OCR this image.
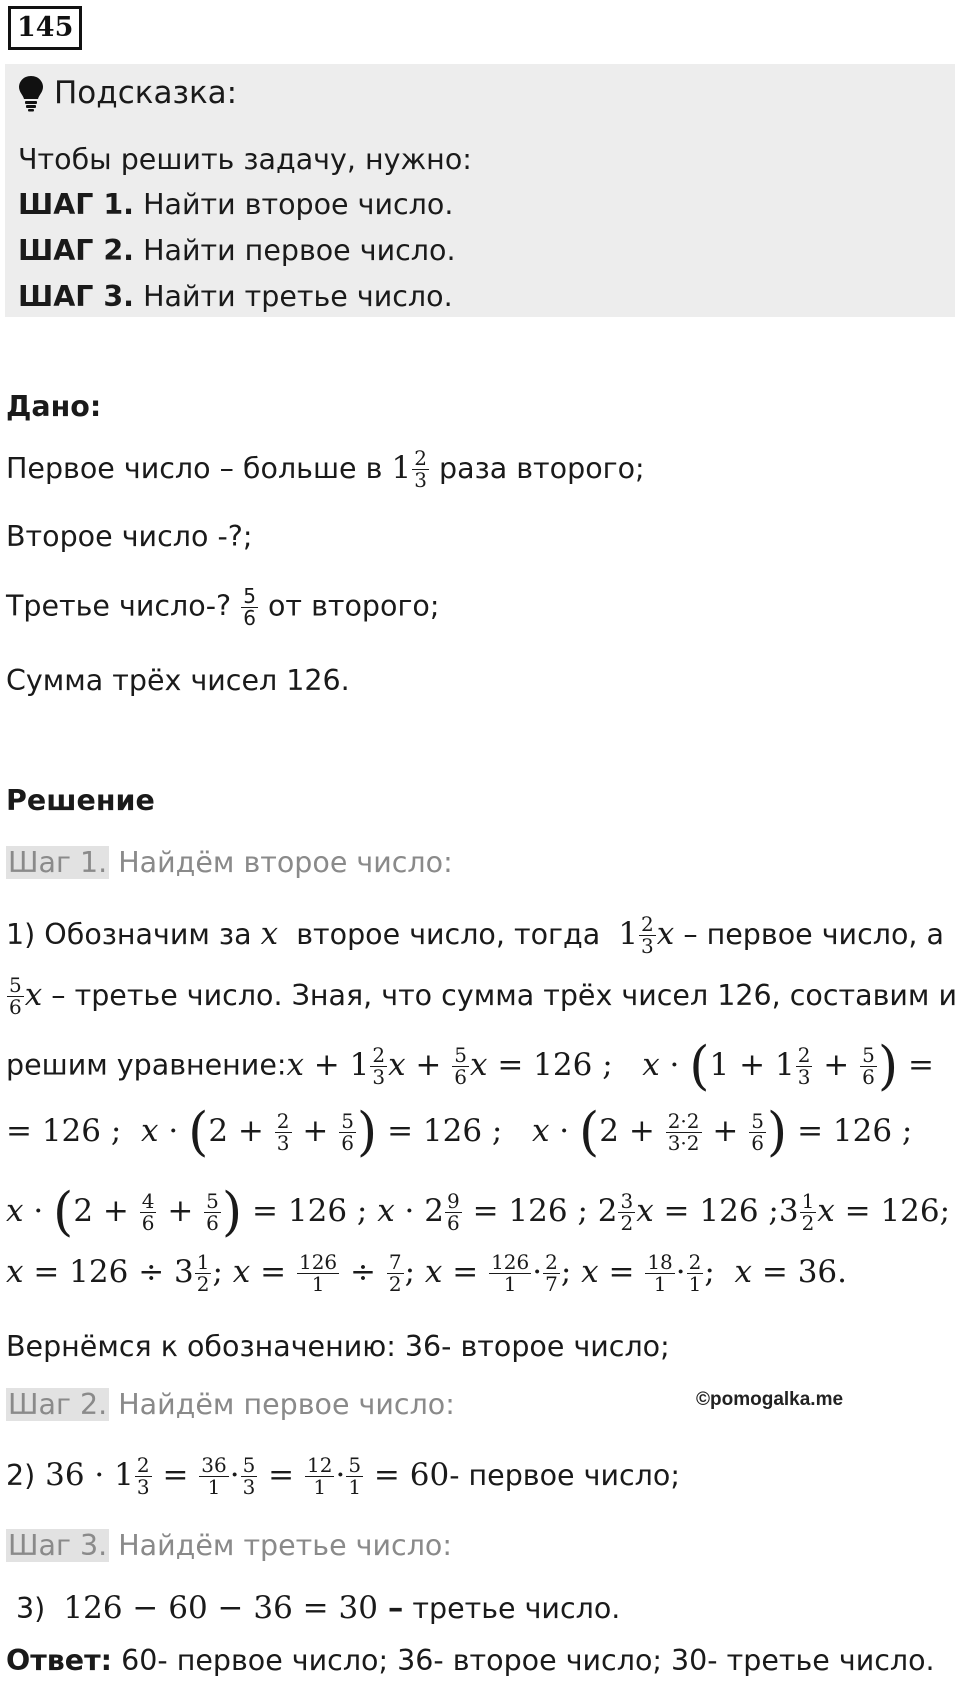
145
Подсказка:
Чтобы решить задачу, нужно:
ШАГ 1. Найти второе число.
ШАГ 2. Найти первое число.
ШАГ 3. Найти третье число.
Дано:
Первое число – больше в $1 \frac{2}{3}$ раза второго;
Второе число -?;
Третье число-? $\frac{5}{6}$ от второго;
Сумма трёх чисел 126.
Решение
Шаг 1. Найдём второе число:
1) Обозначим за x второе число, тогда $1 \frac{2}{3}$ x – первое число, а
$\frac{5}{6}$ x – третье число. Зная, что сумма трёх чисел 126, составим и
решим уравнение:x + $1 \frac{2}{3}$ $x + \frac{5}{6}$ x = 126 ;   $x \cdot (1 + 1 \frac{2}{3} + \frac{5}{6}$ ) =
= 126 ;  $x \cdot (2 + \frac{2}{3} + \frac{5}{6}$ ) = 126 ;   $x \cdot (2 + \frac{2\cdot 2}{3\cdot 2} + \frac{5}{6}$ ) = 126 ;
$x \cdot (2 + \frac{4}{6} + \frac{5}{6}$ ) = 126 ; $x \cdot 2 \frac{9}{6} = 126$ ; $2 \frac{3}{2}$ x = 126 ;3 $\frac{1}{2}$ x = 126;
$x = 126 \div 3 \frac{1}{2}$ ; $x = \frac{126}{1} \div \frac{7}{2}$ ; $x = \frac{126}{1} \cdot \frac{2}{7}$ ; $x = \frac{18}{1} \cdot \frac{2}{1}$ ;  x = 36.
Вернёмся к обозначению: 36- второе число;
Шаг 2. Найдём первое число:	©pomogalka.me
2) $36 \cdot 1 \frac{2}{3} = \frac{36}{1} \cdot \frac{5}{3} = \frac{12}{1} \cdot \frac{5}{1} = 60-$ первое число;
Шаг 3. Найдём третье число:
3) 126 − 60 − 36 = 30 – третье число.
Ответ: 60- первое число; 36- второе число; 30- третье число.
